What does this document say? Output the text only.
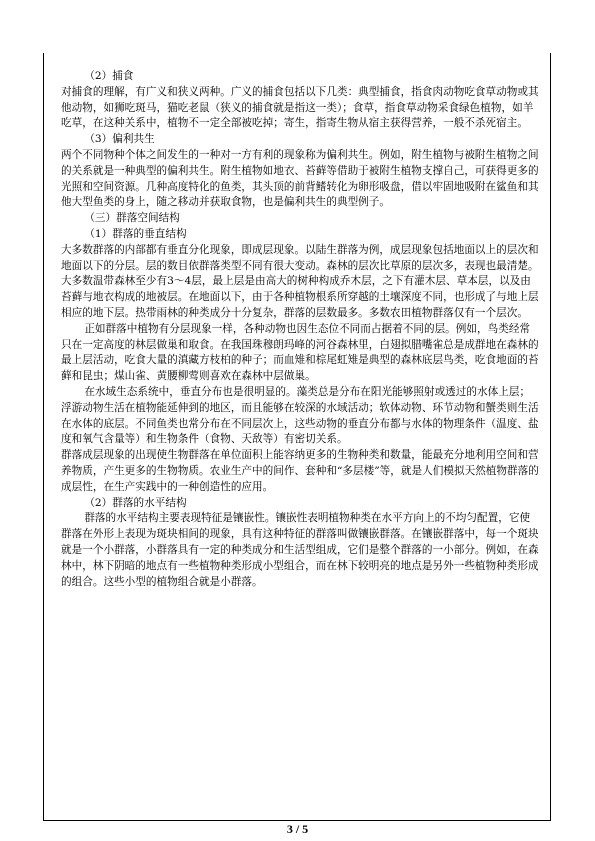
（2）捕食

对捕食的理解，有广义和狭义两种。广义的捕食包括以下几类：典型捕食，指食肉动物吃食草动物或其他动物，如狮吃斑马，猫吃老鼠（狭义的捕食就是指这一类）；食草，指食草动物采食绿色植物，如羊吃草，在这种关系中，植物不一定全部被吃掉；寄生，指寄生物从宿主获得营养，一般不杀死宿主。

（3）偏利共生

两个不同物种个体之间发生的一种对一方有利的现象称为偏利共生。例如，附生植物与被附生植物之间的关系就是一种典型的偏利共生。附生植物如地衣、苔藓等借助于被附生植物支撑自己，可获得更多的光照和空间资源。几种高度特化的鱼类，其头顶的前背鳍转化为卵形吸盘，借以牢固地吸附在鲨鱼和其他大型鱼类的身上，随之移动并获取食物，也是偏利共生的典型例子。

（三）群落空间结构

（1）群落的垂直结构

大多数群落的内部都有垂直分化现象，即成层现象。以陆生群落为例，成层现象包括地面以上的层次和地面以下的分层。层的数目依群落类型不同有很大变动。森林的层次比草原的层次多，表现也最清楚。大多数温带森林至少有3～4层，最上层是由高大的树种构成乔木层，之下有灌木层、草本层，以及由苔藓与地衣构成的地被层。在地面以下，由于各种植物根系所穿越的土壤深度不同，也形成了与地上层相应的地下层。热带雨林的种类成分十分复杂，群落的层数最多。多数农田植物群落仅有一个层次。

正如群落中植物有分层现象一样，各种动物也因生态位不同而占据着不同的层。例如，鸟类经常只在一定高度的林层做巢和取食。在我国珠穆朗玛峰的河谷森林里，白翅拟腊嘴雀总是成群地在森林的最上层活动，吃食大量的滇藏方枝柏的种子；而血雉和棕尾虹雉是典型的森林底层鸟类，吃食地面的苔藓和昆虫；煤山雀、黄腰柳莺则喜欢在森林中层做巢。

在水域生态系统中，垂直分布也是很明显的。藻类总是分布在阳光能够照射或透过的水体上层；浮游动物生活在植物能延伸到的地区，而且能够在较深的水域活动；软体动物、环节动物和蟹类则生活在水体的底层。不同鱼类也常分布在不同层次上，这些动物的垂直分布都与水体的物理条件（温度、盐度和氧气含量等）和生物条件（食物、天敌等）有密切关系。

群落成层现象的出现使生物群落在单位面积上能容纳更多的生物种类和数量，能最充分地利用空间和营养物质，产生更多的生物物质。农业生产中的间作、套种和“多层楼”等，就是人们模拟天然植物群落的成层性，在生产实践中的一种创造性的应用。

（2）群落的水平结构

群落的水平结构主要表现特征是镶嵌性。镶嵌性表明植物种类在水平方向上的不均匀配置，它使群落在外形上表现为斑块相间的现象，具有这种特征的群落叫做镶嵌群落。在镶嵌群落中，每一个斑块就是一个小群落，小群落具有一定的种类成分和生活型组成，它们是整个群落的一小部分。例如，在森林中，林下阴暗的地点有一些植物种类形成小型组合，而在林下较明亮的地点是另外一些植物种类形成的组合。这些小型的植物组合就是小群落。

3 / 5
